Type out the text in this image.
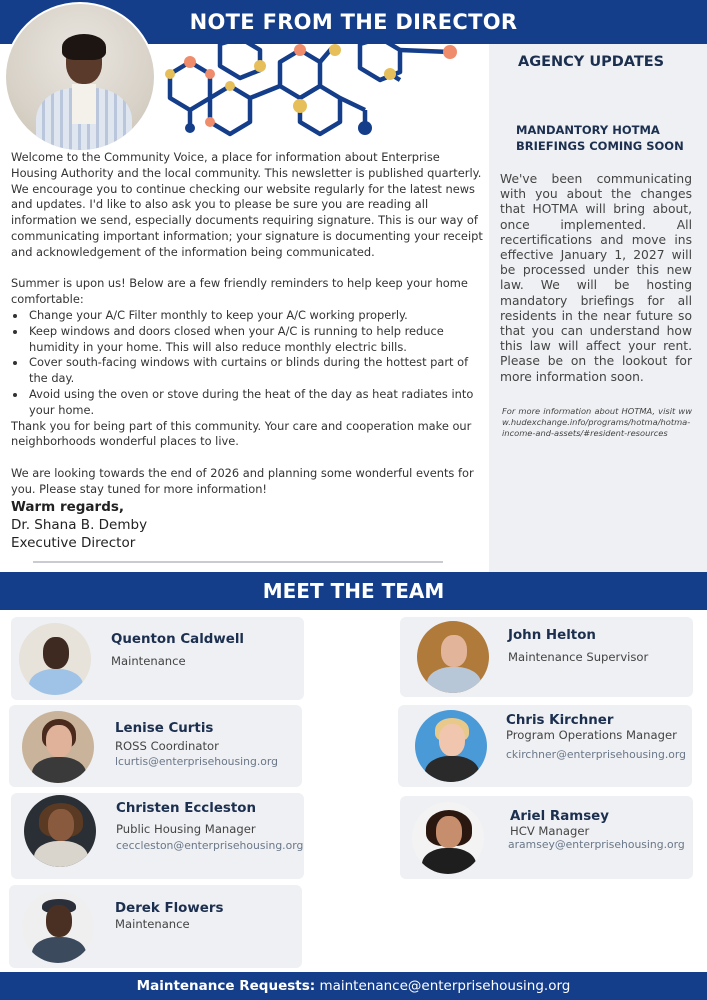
NOTE FROM THE DIRECTOR
AGENCY UPDATES
MANDANTORY HOTMA BRIEFINGS COMING SOON
We've been communicating with you about the changes that HOTMA will bring about, once implemented. All recertifications and move ins effective January 1, 2027 will be processed under this new law. We will be hosting mandatory briefings for all residents in the near future so that you can understand how this law will affect your rent. Please be on the lookout for more information soon.
For more information about HOTMA, visit www.hudexchange.info/programs/hotma/hotma-income-and-assets/#resident-resources

Welcome to the Community Voice, a place for information about Enterprise Housing Authority and the local community. This newsletter is published quarterly. We encourage you to continue checking our website regularly for the latest news and updates. I'd like to also ask you to please be sure you are reading all information we send, especially documents requiring signature. This is our way of communicating important information; your signature is documenting your receipt and acknowledgement of the information being communicated.

Summer is upon us! Below are a few friendly reminders to help keep your home comfortable:

• Change your A/C Filter monthly to keep your A/C working properly.
• Keep windows and doors closed when your A/C is running to help reduce humidity in your home. This will also reduce monthly electric bills.
• Cover south-facing windows with curtains or blinds during the hottest part of the day.
• Avoid using the oven or stove during the heat of the day as heat radiates into your home.

Thank you for being part of this community. Your care and cooperation make our neighborhoods wonderful places to live.

We are looking towards the end of 2026 and planning some wonderful events for you. Please stay tuned for more information!

Warm regards,
Dr. Shana B. Demby
Executive Director
MEET THE TEAM
Quenton Caldwell
Maintenance
John Helton
Maintenance Supervisor
Lenise Curtis
ROSS Coordinator
lcurtis@enterprisehousing.org
Chris Kirchner
Program Operations Manager
ckirchner@enterprisehousing.org
Christen Eccleston
Public Housing Manager
ceccleston@enterprisehousing.org
Ariel Ramsey
HCV Manager
aramsey@enterprisehousing.org
Derek Flowers
Maintenance
Maintenance Requests: maintenance@enterprisehousing.org
